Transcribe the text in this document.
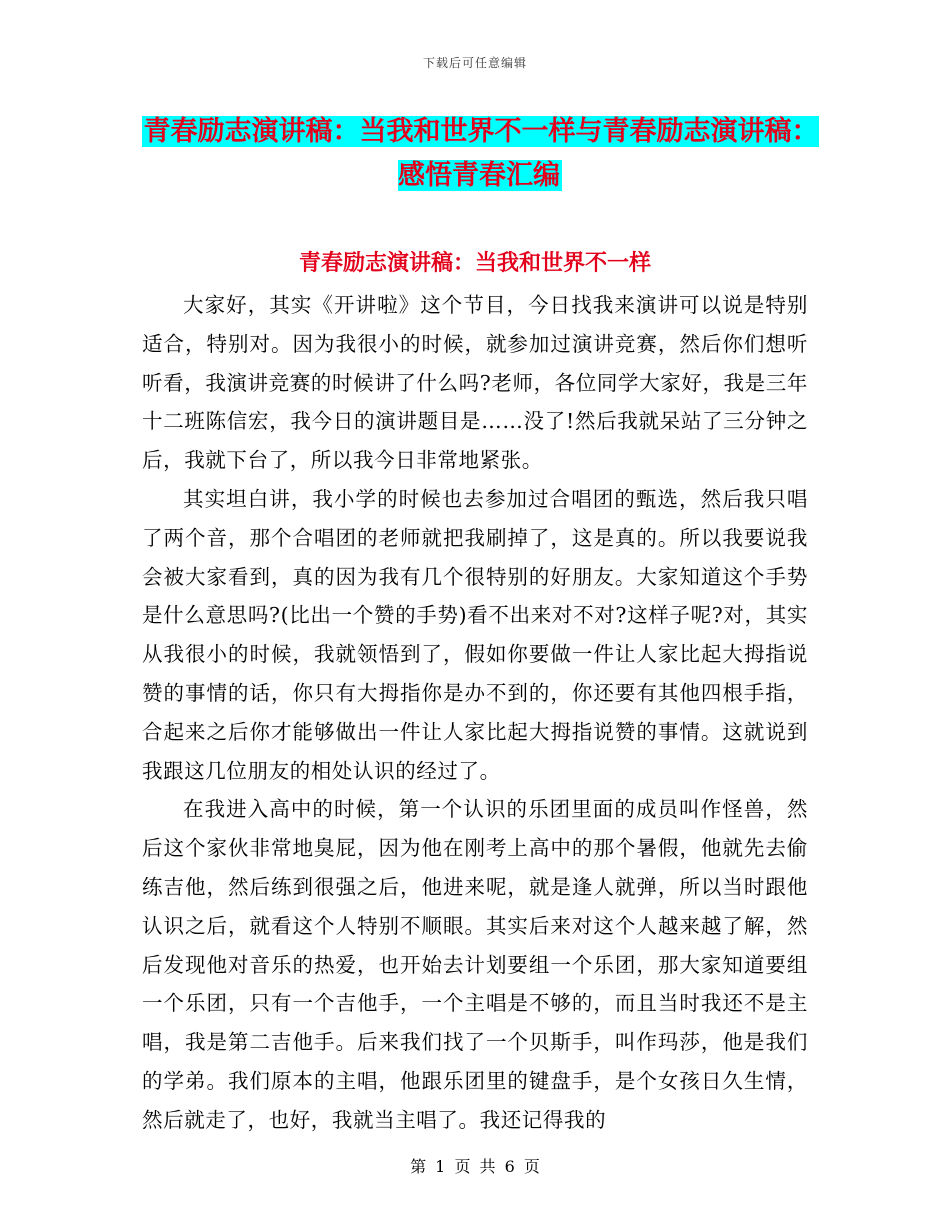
下载后可任意编辑
青春励志演讲稿：当我和世界不一样与青春励志演讲稿：感悟青春汇编
青春励志演讲稿：当我和世界不一样

大家好，其实《开讲啦》这个节目，今日找我来演讲可以说是特别适合，特别对。因为我很小的时候，就参加过演讲竞赛，然后你们想听听看，我演讲竞赛的时候讲了什么吗?老师，各位同学大家好，我是三年十二班陈信宏，我今日的演讲题目是……没了!然后我就呆站了三分钟之后，我就下台了，所以我今日非常地紧张。

其实坦白讲，我小学的时候也去参加过合唱团的甄选，然后我只唱了两个音，那个合唱团的老师就把我刷掉了，这是真的。所以我要说我会被大家看到，真的因为我有几个很特别的好朋友。大家知道这个手势是什么意思吗?(比出一个赞的手势)看不出来对不对?这样子呢?对，其实从我很小的时候，我就领悟到了，假如你要做一件让人家比起大拇指说赞的事情的话，你只有大拇指你是办不到的，你还要有其他四根手指，合起来之后你才能够做出一件让人家比起大拇指说赞的事情。这就说到我跟这几位朋友的相处认识的经过了。

在我进入高中的时候，第一个认识的乐团里面的成员叫作怪兽，然后这个家伙非常地臭屁，因为他在刚考上高中的那个暑假，他就先去偷练吉他，然后练到很强之后，他进来呢，就是逢人就弹，所以当时跟他认识之后，就看这个人特别不顺眼。其实后来对这个人越来越了解，然后发现他对音乐的热爱，也开始去计划要组一个乐团，那大家知道要组一个乐团，只有一个吉他手，一个主唱是不够的，而且当时我还不是主唱，我是第二吉他手。后来我们找了一个贝斯手，叫作玛莎，他是我们的学弟。我们原本的主唱，他跟乐团里的键盘手，是个女孩日久生情，然后就走了，也好，我就当主唱了。我还记得我的

第 1 页 共 6 页
